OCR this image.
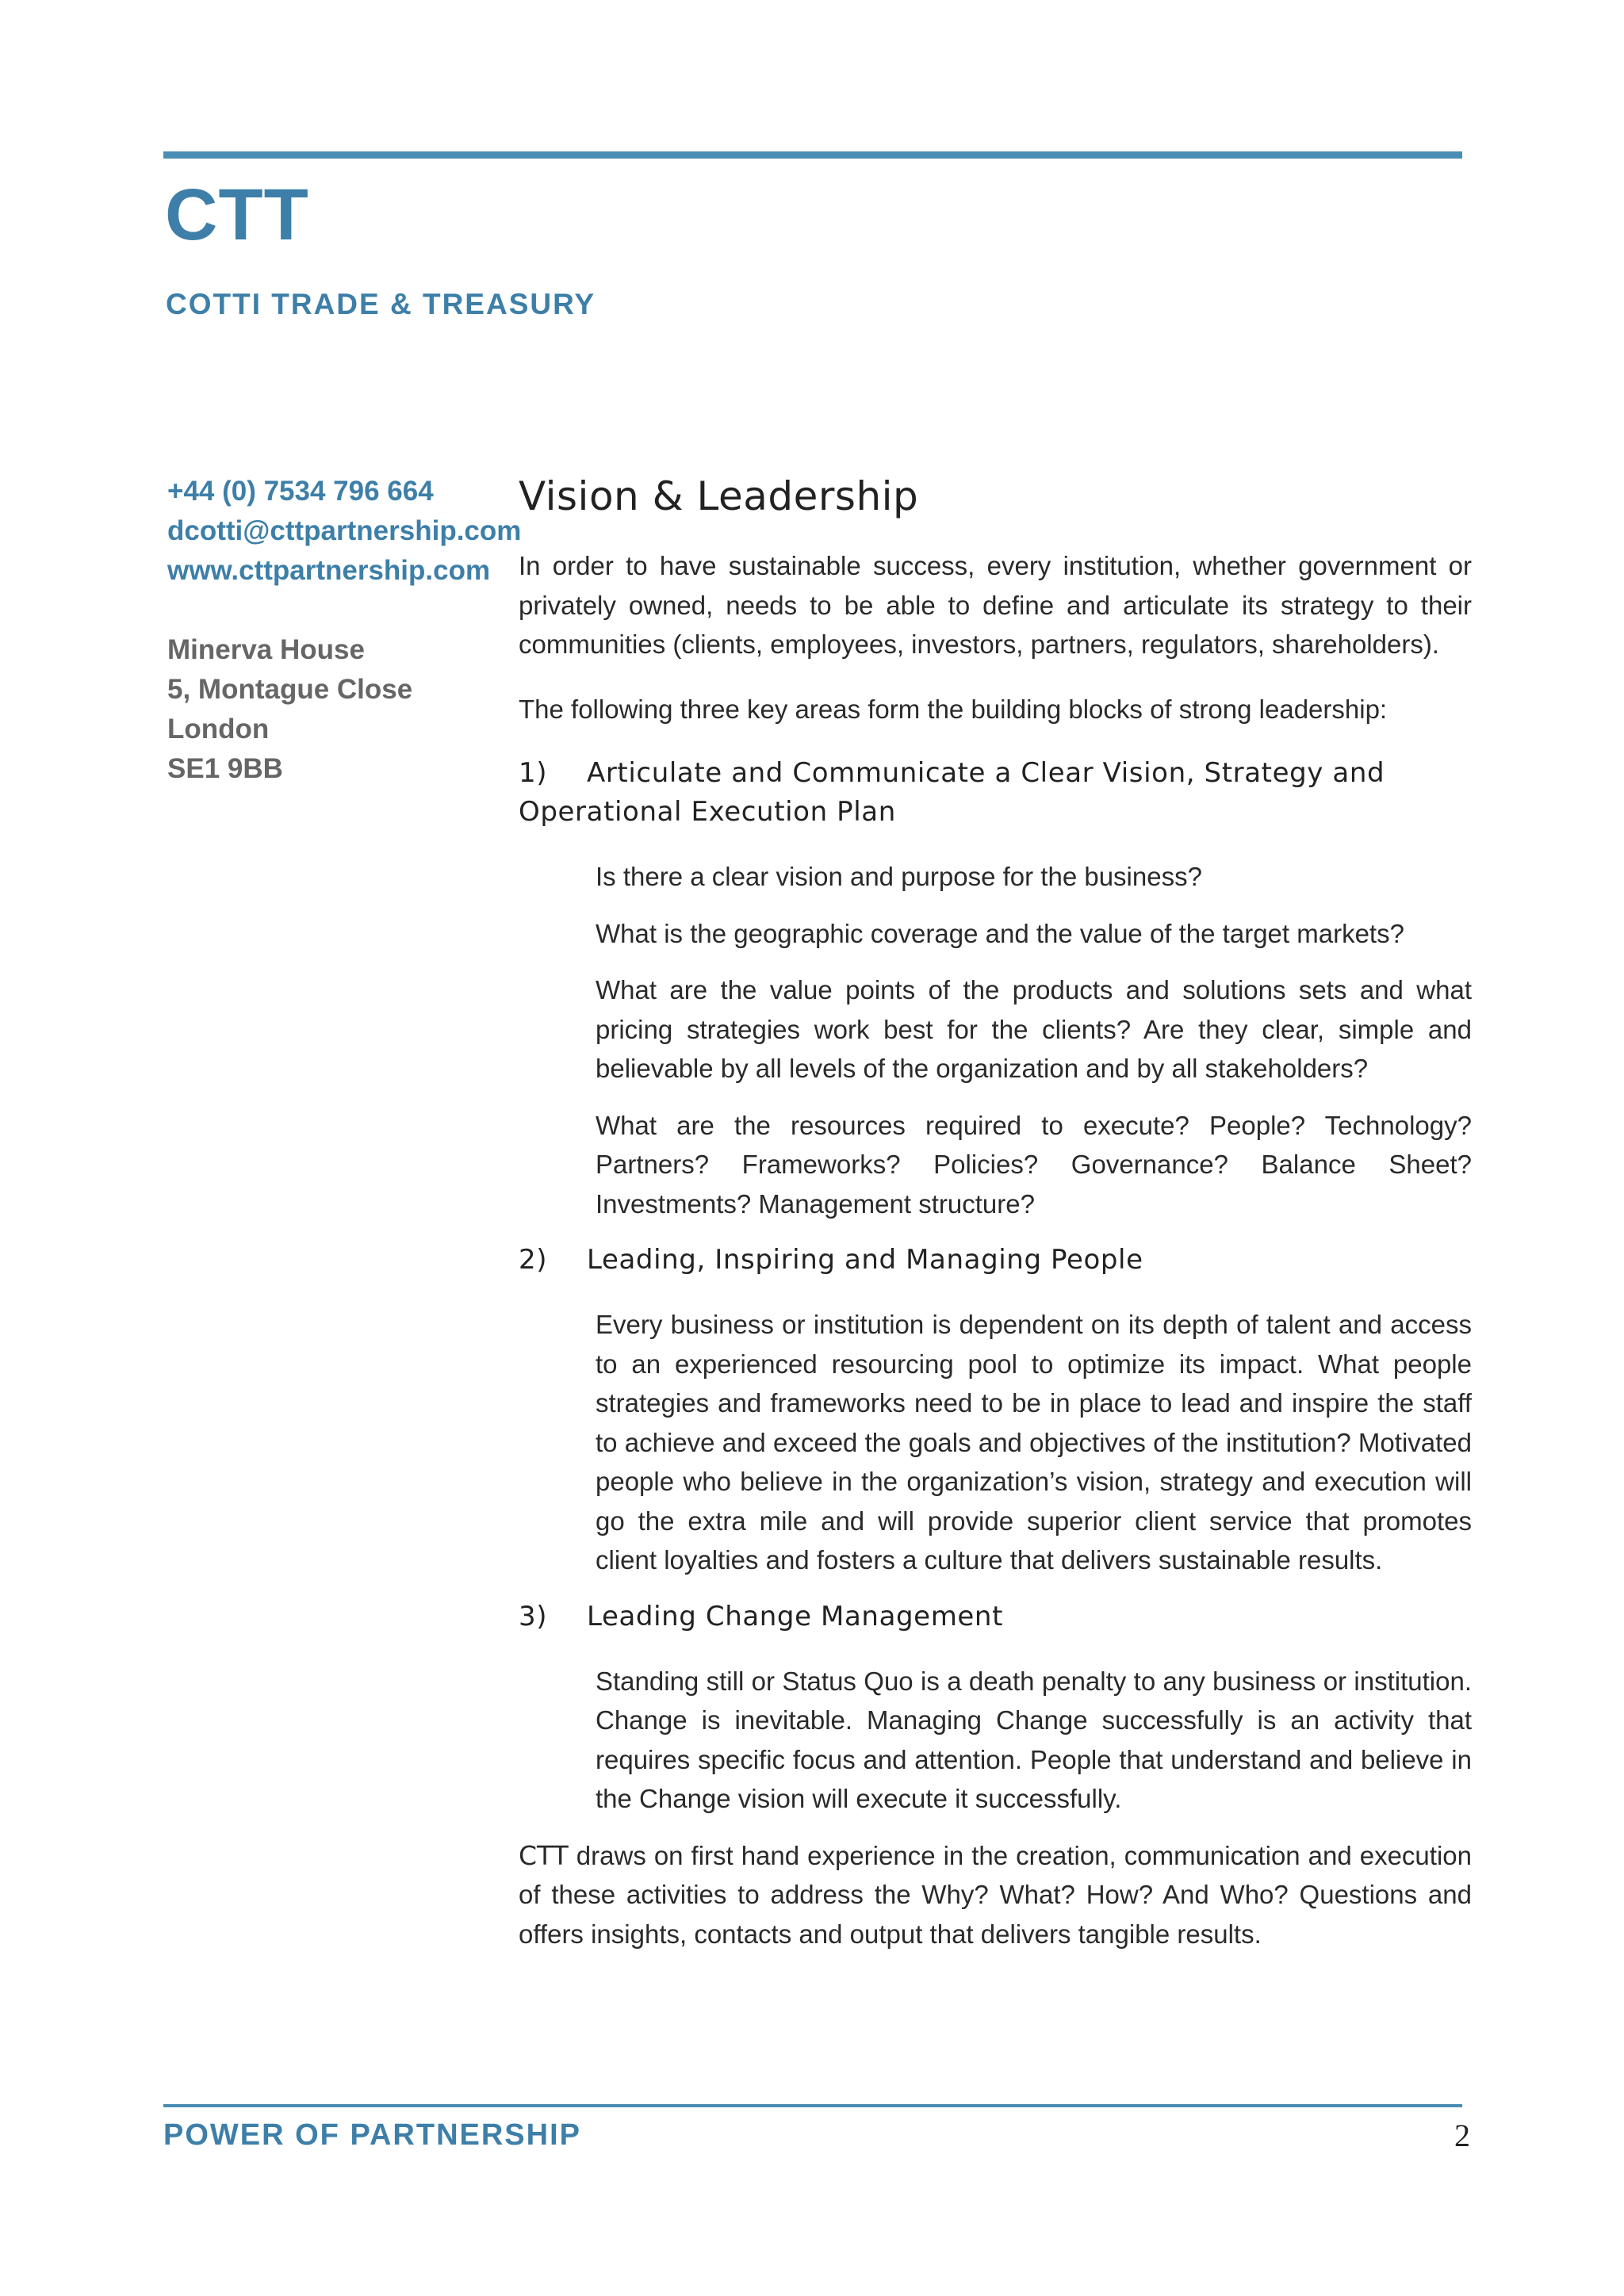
CTT
COTTI TRADE & TREASURY
+44 (0) 7534 796 664
dcotti@cttpartnership.com
www.cttpartnership.com
Minerva House
5, Montague Close
London
SE1 9BB
Vision & Leadership

In order to have sustainable success, every institution, whether government or privately owned, needs to be able to define and articulate its strategy to their communities (clients, employees, investors, partners, regulators, shareholders).

The following three key areas form the building blocks of strong leadership:

1) Articulate and Communicate a Clear Vision, Strategy and Operational Execution Plan

Is there a clear vision and purpose for the business?

What is the geographic coverage and the value of the target markets?

What are the value points of the products and solutions sets and what pricing strategies work best for the clients? Are they clear, simple and believable by all levels of the organization and by all stakeholders?

What are the resources required to execute? People? Technology? Partners? Frameworks? Policies? Governance? Balance Sheet? Investments? Management structure?

2) Leading, Inspiring and Managing People

Every business or institution is dependent on its depth of talent and access to an experienced resourcing pool to optimize its impact. What people strategies and frameworks need to be in place to lead and inspire the staff to achieve and exceed the goals and objectives of the institution? Motivated people who believe in the organization’s vision, strategy and execution will go the extra mile and will provide superior client service that promotes client loyalties and fosters a culture that delivers sustainable results.

3) Leading Change Management

Standing still or Status Quo is a death penalty to any business or institution. Change is inevitable. Managing Change successfully is an activity that requires specific focus and attention. People that understand and believe in the Change vision will execute it successfully.

CTT draws on first hand experience in the creation, communication and execution of these activities to address the Why? What? How? And Who? Questions and offers insights, contacts and output that delivers tangible results.

POWER OF PARTNERSHIP	2
